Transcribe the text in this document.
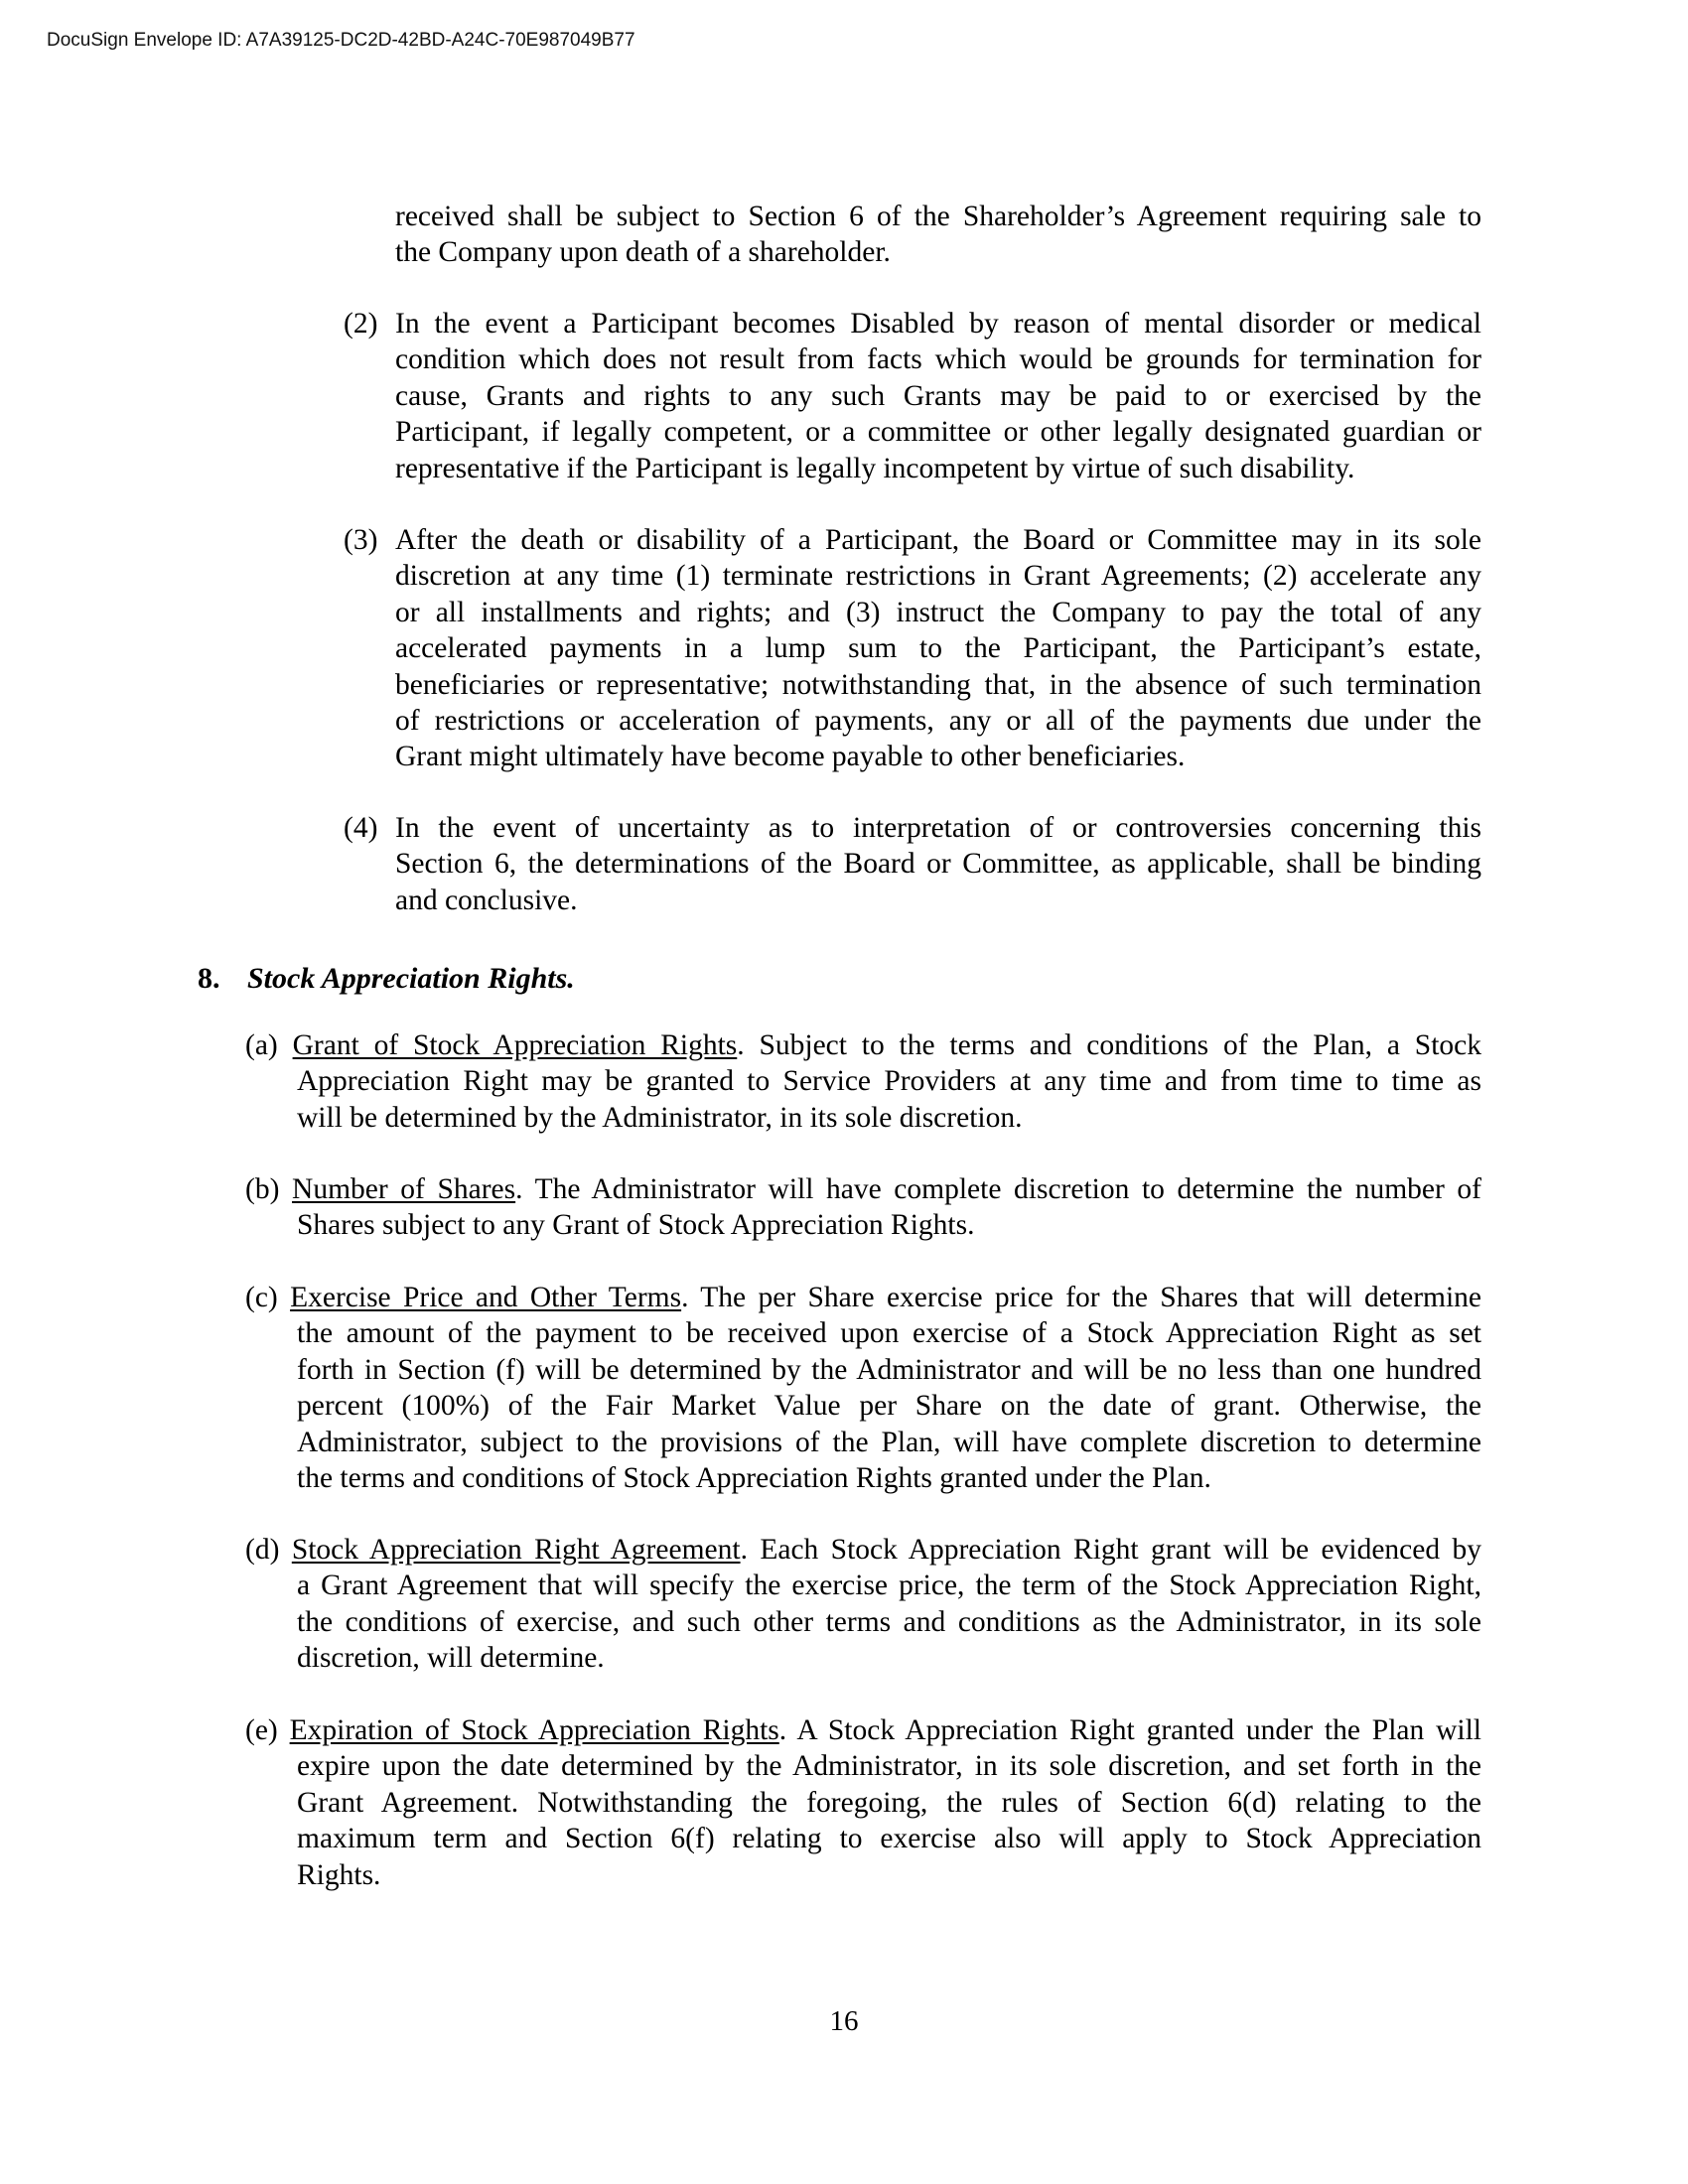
DocuSign Envelope ID: A7A39125-DC2D-42BD-A24C-70E987049B77
received shall be subject to Section 6 of the Shareholder’s Agreement requiring sale to
the Company upon death of a shareholder.
(2) In the event a Participant becomes Disabled by reason of mental disorder or medical
condition which does not result from facts which would be grounds for termination for
cause, Grants and rights to any such Grants may be paid to or exercised by the
Participant, if legally competent, or a committee or other legally designated guardian or
representative if the Participant is legally incompetent by virtue of such disability.
(3) After the death or disability of a Participant, the Board or Committee may in its sole
discretion at any time (1) terminate restrictions in Grant Agreements; (2) accelerate any
or all installments and rights; and (3) instruct the Company to pay the total of any
accelerated payments in a lump sum to the Participant, the Participant’s estate,
beneficiaries or representative; notwithstanding that, in the absence of such termination
of restrictions or acceleration of payments, any or all of the payments due under the
Grant might ultimately have become payable to other beneficiaries.
(4) In the event of uncertainty as to interpretation of or controversies concerning this
Section 6, the determinations of the Board or Committee, as applicable, shall be binding
and conclusive.
8. Stock Appreciation Rights.
(a) Grant of Stock Appreciation Rights. Subject to the terms and conditions of the Plan, a Stock
Appreciation Right may be granted to Service Providers at any time and from time to time as
will be determined by the Administrator, in its sole discretion.
(b) Number of Shares. The Administrator will have complete discretion to determine the number of
Shares subject to any Grant of Stock Appreciation Rights.
(c) Exercise Price and Other Terms. The per Share exercise price for the Shares that will determine
the amount of the payment to be received upon exercise of a Stock Appreciation Right as set
forth in Section (f) will be determined by the Administrator and will be no less than one hundred
percent (100%) of the Fair Market Value per Share on the date of grant. Otherwise, the
Administrator, subject to the provisions of the Plan, will have complete discretion to determine
the terms and conditions of Stock Appreciation Rights granted under the Plan.
(d) Stock Appreciation Right Agreement. Each Stock Appreciation Right grant will be evidenced by
a Grant Agreement that will specify the exercise price, the term of the Stock Appreciation Right,
the conditions of exercise, and such other terms and conditions as the Administrator, in its sole
discretion, will determine.
(e) Expiration of Stock Appreciation Rights. A Stock Appreciation Right granted under the Plan will
expire upon the date determined by the Administrator, in its sole discretion, and set forth in the
Grant Agreement. Notwithstanding the foregoing, the rules of Section 6(d) relating to the
maximum term and Section 6(f) relating to exercise also will apply to Stock Appreciation
Rights.
16
